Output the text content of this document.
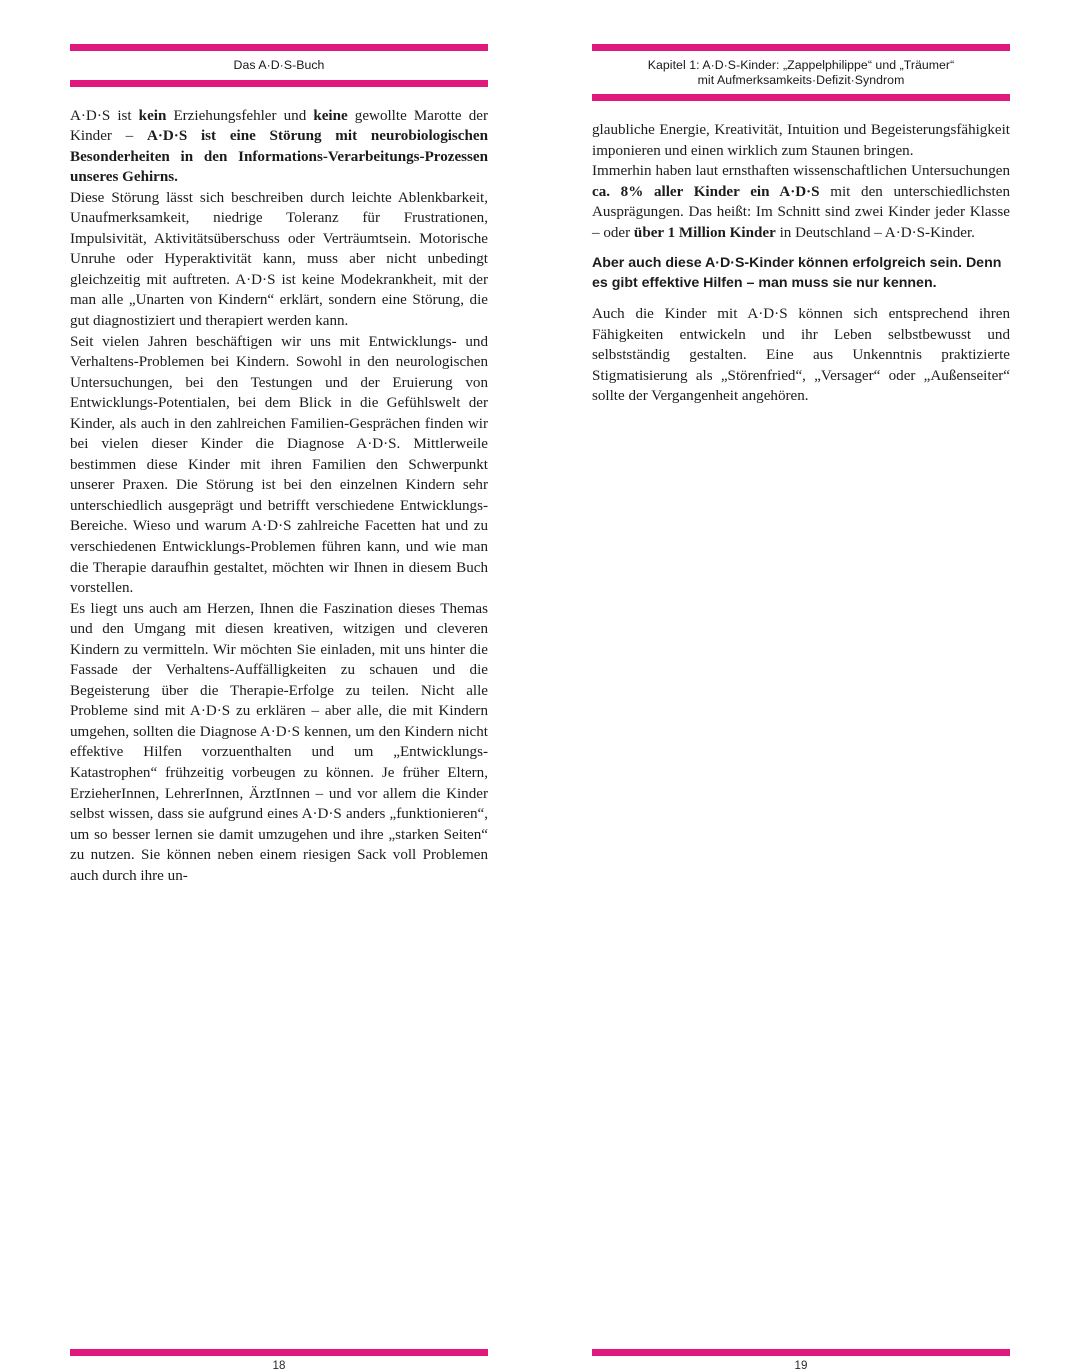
Das A·D·S-Buch

A·D·S ist kein Erziehungsfehler und keine gewollte Marotte der Kinder – A·D·S ist eine Störung mit neurobiologischen Besonderheiten in den Informations-Verarbeitungs-Prozessen unseres Gehirns.

Diese Störung lässt sich beschreiben durch leichte Ablenkbarkeit, Unaufmerksamkeit, niedrige Toleranz für Frustrationen, Impulsivität, Aktivitätsüberschuss oder Verträumtsein. Motorische Unruhe oder Hyperaktivität kann, muss aber nicht unbedingt gleichzeitig mit auftreten. A·D·S ist keine Modekrankheit, mit der man alle „Unarten von Kindern“ erklärt, sondern eine Störung, die gut diagnostiziert und therapiert werden kann.

Seit vielen Jahren beschäftigen wir uns mit Entwicklungs- und Verhaltens-Problemen bei Kindern. Sowohl in den neurologischen Untersuchungen, bei den Testungen und der Eruierung von Entwicklungs-Potentialen, bei dem Blick in die Gefühlswelt der Kinder, als auch in den zahlreichen Familien-Gesprächen finden wir bei vielen dieser Kinder die Diagnose A·D·S. Mittlerweile bestimmen diese Kinder mit ihren Familien den Schwerpunkt unserer Praxen. Die Störung ist bei den einzelnen Kindern sehr unterschiedlich ausgeprägt und betrifft verschiedene Entwicklungs-Bereiche. Wieso und warum A·D·S zahlreiche Facetten hat und zu verschiedenen Entwicklungs-Problemen führen kann, und wie man die Therapie daraufhin gestaltet, möchten wir Ihnen in diesem Buch vorstellen.

Es liegt uns auch am Herzen, Ihnen die Faszination dieses Themas und den Umgang mit diesen kreativen, witzigen und cleveren Kindern zu vermitteln. Wir möchten Sie einladen, mit uns hinter die Fassade der Verhaltens-Auffälligkeiten zu schauen und die Begeisterung über die Therapie-Erfolge zu teilen. Nicht alle Probleme sind mit A·D·S zu erklären – aber alle, die mit Kindern umgehen, sollten die Diagnose A·D·S kennen, um den Kindern nicht effektive Hilfen vorzuenthalten und um „Entwicklungs-Katastrophen“ frühzeitig vorbeugen zu können. Je früher Eltern, ErzieherInnen, LehrerInnen, ÄrztInnen – und vor allem die Kinder selbst wissen, dass sie aufgrund eines A·D·S anders „funktionieren“, um so besser lernen sie damit umzugehen und ihre „starken Seiten“ zu nutzen. Sie können neben einem riesigen Sack voll Problemen auch durch ihre un-

18
Kapitel 1: A·D·S-Kinder: „Zappelphilippe“ und „Träumer“
mit Aufmerksamkeits·Defizit·Syndrom

glaubliche Energie, Kreativität, Intuition und Begeisterungsfähigkeit imponieren und einen wirklich zum Staunen bringen.

Immerhin haben laut ernsthaften wissenschaftlichen Untersuchungen ca. 8% aller Kinder ein A·D·S mit den unterschiedlichsten Ausprägungen. Das heißt: Im Schnitt sind zwei Kinder jeder Klasse – oder über 1 Million Kinder in Deutschland – A·D·S-Kinder.

Aber auch diese A·D·S-Kinder können erfolgreich sein. Denn es gibt effektive Hilfen – man muss sie nur kennen.

Auch die Kinder mit A·D·S können sich entsprechend ihren Fähigkeiten entwickeln und ihr Leben selbstbewusst und selbstständig gestalten. Eine aus Unkenntnis praktizierte Stigmatisierung als „Störenfried“, „Versager“ oder „Außenseiter“ sollte der Vergangenheit angehören.

19
